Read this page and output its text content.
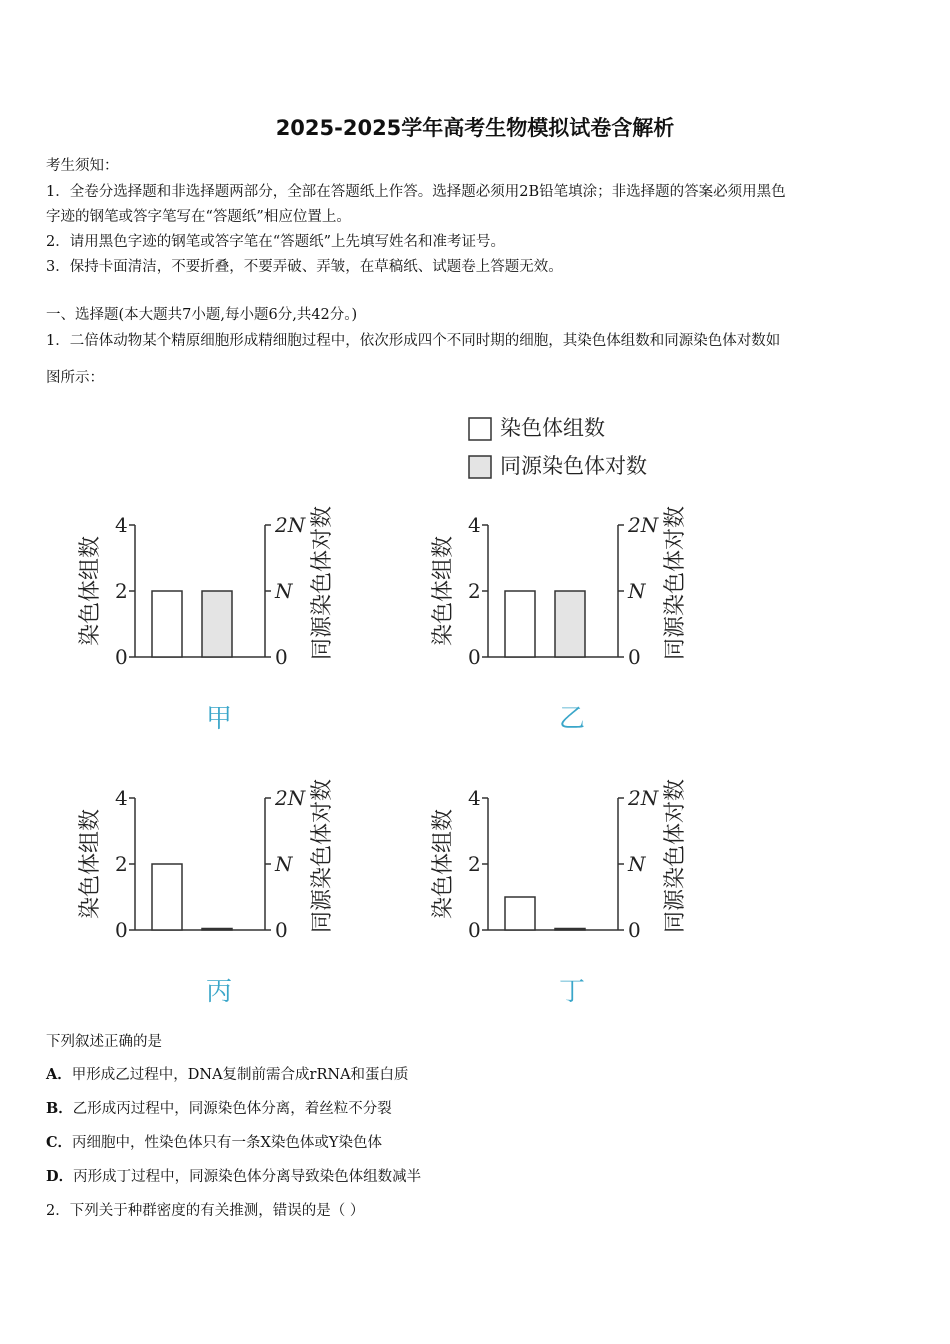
2025-2025学年高考生物模拟试卷含解析
考生须知：
1．全卷分选择题和非选择题两部分，全部在答题纸上作答。选择题必须用2B铅笔填涂；非选择题的答案必须用黑色
字迹的钢笔或答字笔写在“答题纸”相应位置上。
2．请用黑色字迹的钢笔或答字笔在“答题纸”上先填写姓名和准考证号。
3．保持卡面清洁，不要折叠，不要弄破、弄皱，在草稿纸、试题卷上答题无效。
一、选择题(本大题共7小题,每小题6分,共42分。)
1．二倍体动物某个精原细胞形成精细胞过程中，依次形成四个不同时期的细胞，其染色体组数和同源染色体对数如
图所示：
染色体组数
同源染色体对数
0
2
4
0
N
2N
染色体组数	同源染色体对数
甲
0
2
4
0
N
2N
染色体组数	同源染色体对数
乙
0
2
4
0
N
2N
染色体组数	同源染色体对数
丙
0
2
4
0
N
2N
染色体组数	同源染色体对数
丁
下列叙述正确的是
A．甲形成乙过程中，DNA复制前需合成rRNA和蛋白质
B．乙形成丙过程中，同源染色体分离，着丝粒不分裂
C．丙细胞中，性染色体只有一条X染色体或Y染色体
D．丙形成丁过程中，同源染色体分离导致染色体组数减半
2．下列关于种群密度的有关推测，错误的是（ ）
